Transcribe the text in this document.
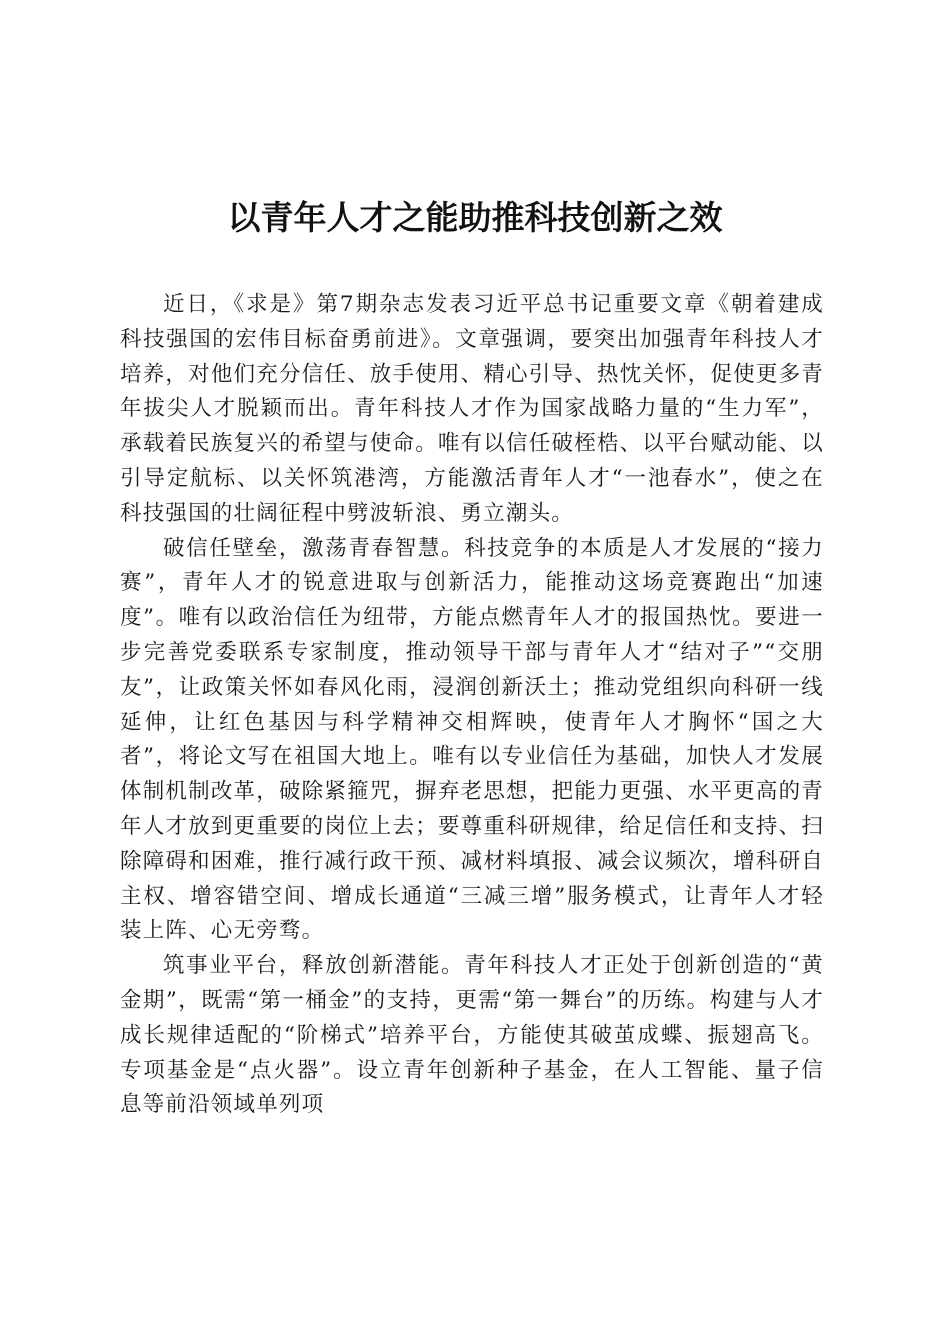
以青年人才之能助推科技创新之效

近日，《求是》第7期杂志发表习近平总书记重要文章《朝着建成科技强国的宏伟目标奋勇前进》。文章强调，要突出加强青年科技人才培养，对他们充分信任、放手使用、精心引导、热忱关怀，促使更多青年拔尖人才脱颖而出。青年科技人才作为国家战略力量的“生力军”，承载着民族复兴的希望与使命。唯有以信任破桎梏、以平台赋动能、以引导定航标、以关怀筑港湾，方能激活青年人才“一池春水”，使之在科技强国的壮阔征程中劈波斩浪、勇立潮头。

破信任壁垒，激荡青春智慧。科技竞争的本质是人才发展的“接力赛”，青年人才的锐意进取与创新活力，能推动这场竞赛跑出“加速度”。唯有以政治信任为纽带，方能点燃青年人才的报国热忱。要进一步完善党委联系专家制度，推动领导干部与青年人才“结对子”“交朋友”，让政策关怀如春风化雨，浸润创新沃土；推动党组织向科研一线延伸，让红色基因与科学精神交相辉映，使青年人才胸怀“国之大者”，将论文写在祖国大地上。唯有以专业信任为基础，加快人才发展体制机制改革，破除紧箍咒，摒弃老思想，把能力更强、水平更高的青年人才放到更重要的岗位上去；要尊重科研规律，给足信任和支持、扫除障碍和困难，推行减行政干预、减材料填报、减会议频次，增科研自主权、增容错空间、增成长通道“三减三增”服务模式，让青年人才轻装上阵、心无旁骛。

筑事业平台，释放创新潜能。青年科技人才正处于创新创造的“黄金期”，既需“第一桶金”的支持，更需“第一舞台”的历练。构建与人才成长规律适配的“阶梯式”培养平台，方能使其破茧成蝶、振翅高飞。专项基金是“点火器”。设立青年创新种子基金，在人工智能、量子信息等前沿领域单列项
